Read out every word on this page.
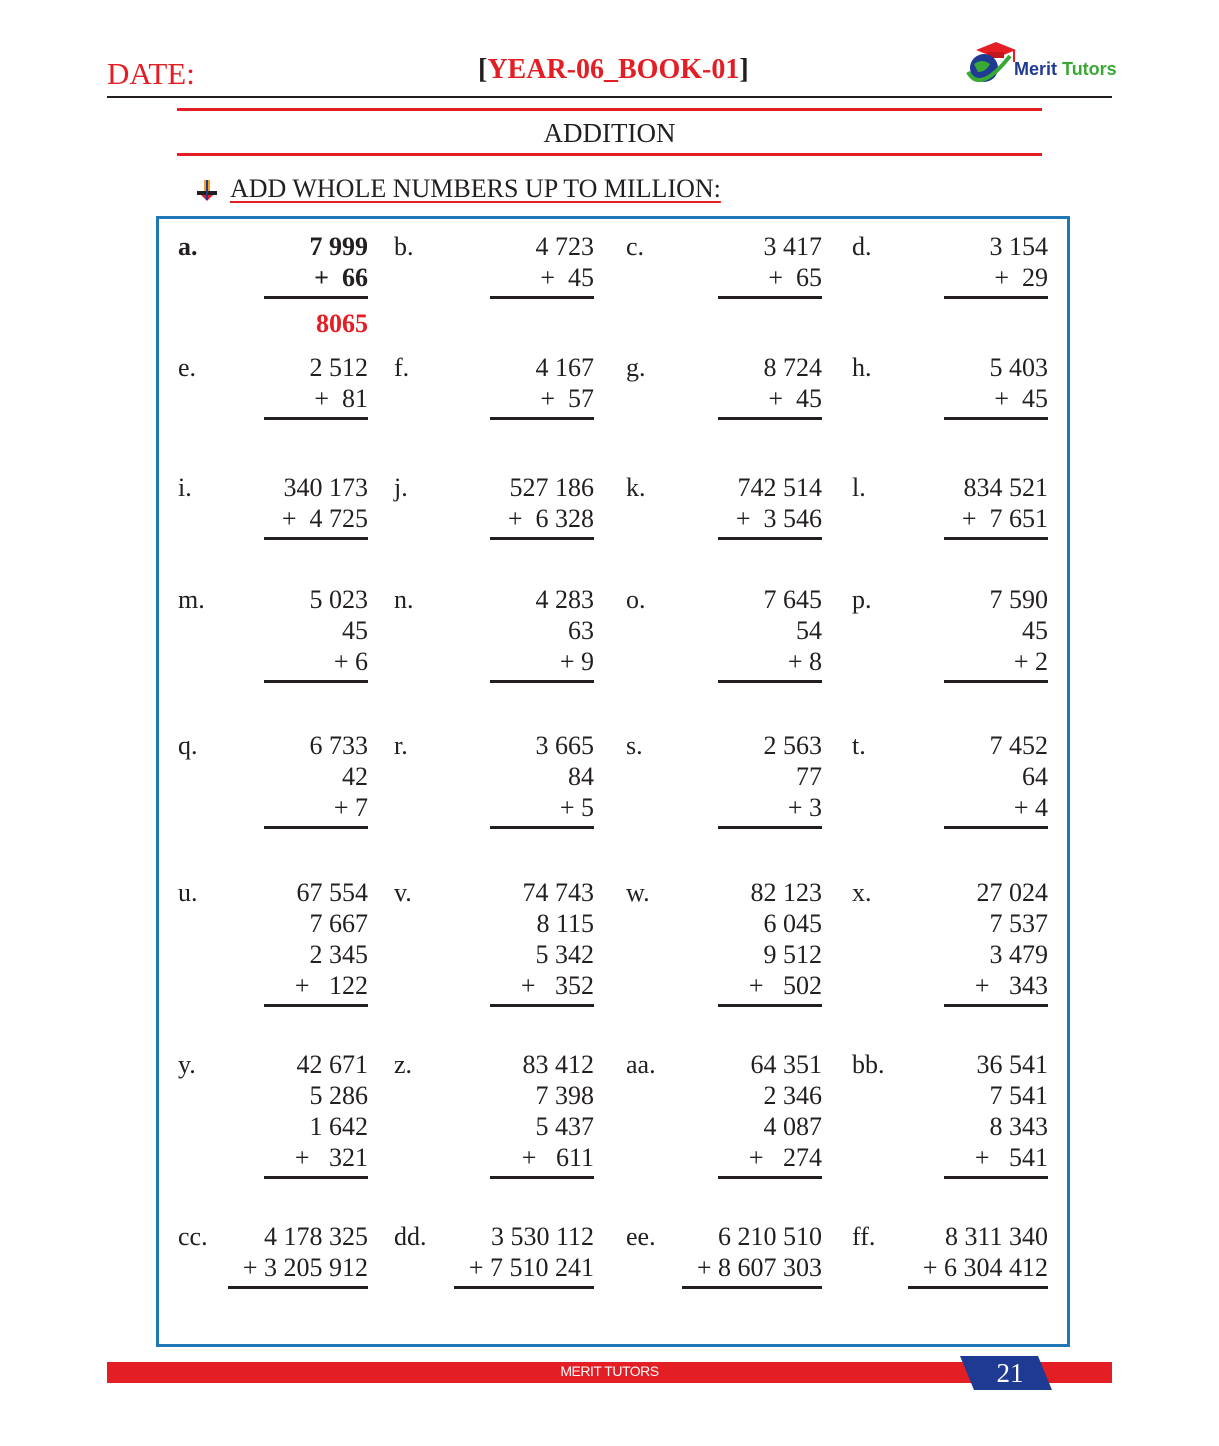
DATE:	[YEAR-06_BOOK-01]	Merit Tutors
ADDITION
ADD WHOLE NUMBERS UP TO MILLION:
a.	7 999
+  66
8065
b.	4 723
+  45
c.	3 417
+  65
d.	3 154
+  29
e.	2 512
+  81
f.	4 167
+  57
g.	8 724
+  45
h.	5 403
+  45
i.	340 173
+  4 725
j.	527 186
+  6 328
k.	742 514
+  3 546
l.	834 521
+  7 651
m.	5 023
45
+ 6
n.	4 283
63
+ 9
o.	7 645
54
+ 8
p.	7 590
45
+ 2
q.	6 733
42
+ 7
r.	3 665
84
+ 5
s.	2 563
77
+ 3
t.	7 452
64
+ 4
u.	67 554
7 667
2 345
+   122
v.	74 743
8 115
5 342
+   352
w.	82 123
6 045
9 512
+   502
x.	27 024
7 537
3 479
+   343
y.	42 671
5 286
1 642
+   321
z.	83 412
7 398
5 437
+   611
aa.	64 351
2 346
4 087
+   274
bb.	36 541
7 541
8 343
+   541
cc.	4 178 325
+ 3 205 912
dd.	3 530 112
+ 7 510 241
ee.	6 210 510
+ 8 607 303
ff.	8 311 340
+ 6 304 412
MERIT TUTORS	21
